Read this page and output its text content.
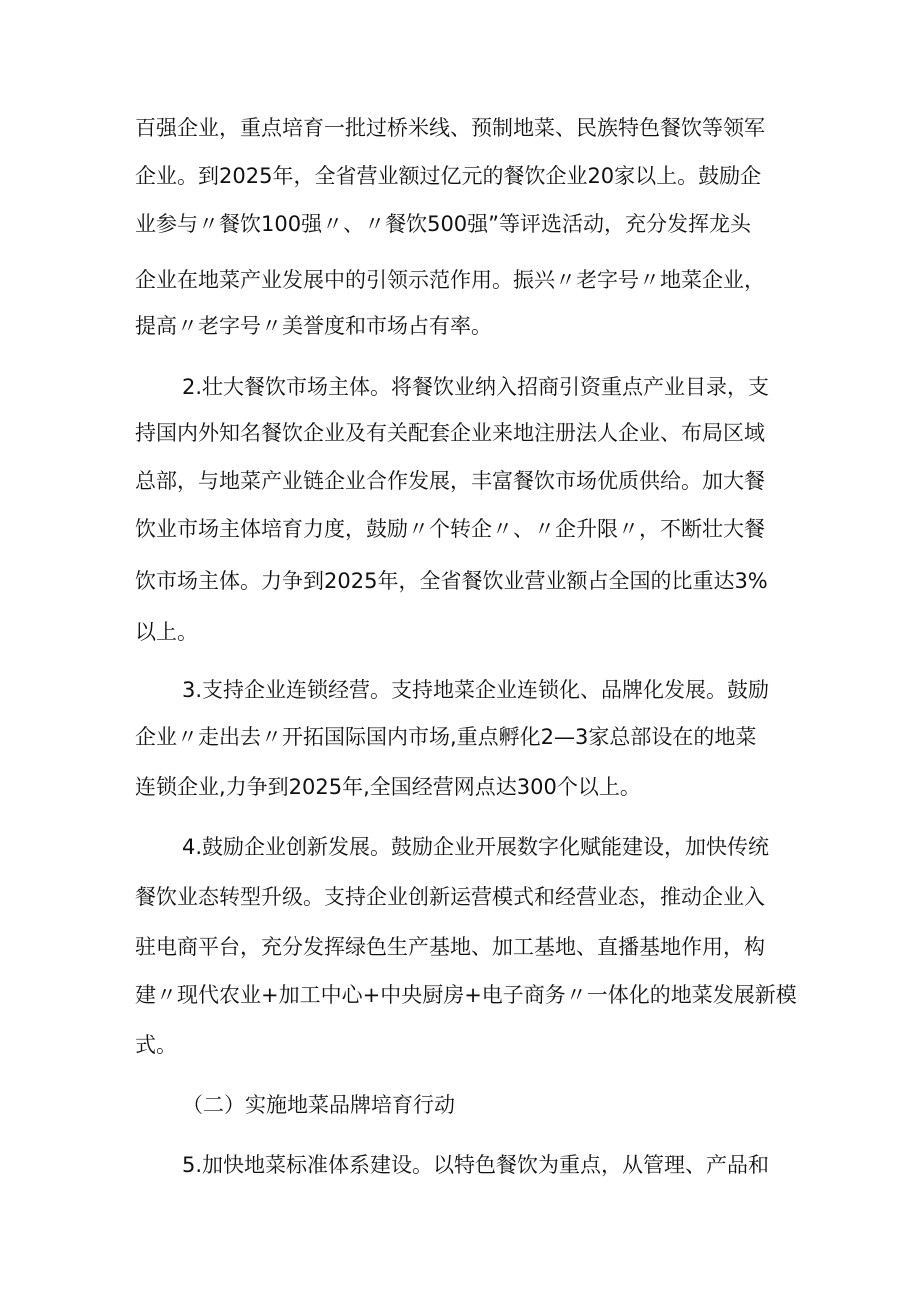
百强企业，重点培育一批过桥米线、预制地菜、民族特色餐饮等领军
企业。到2025年，全省营业额过亿元的餐饮企业20家以上。鼓励企
业参与〃餐饮100强〃、〃餐饮500强”等评选活动，充分发挥龙头
企业在地菜产业发展中的引领示范作用。振兴〃老字号〃地菜企业，
提高〃老字号〃美誉度和市场占有率。
2.壮大餐饮市场主体。将餐饮业纳入招商引资重点产业目录，支
持国内外知名餐饮企业及有关配套企业来地注册法人企业、布局区域
总部，与地菜产业链企业合作发展，丰富餐饮市场优质供给。加大餐
饮业市场主体培育力度，鼓励〃个转企〃、〃企升限〃，不断壮大餐
饮市场主体。力争到2025年，全省餐饮业营业额占全国的比重达3%
以上。
3.支持企业连锁经营。支持地菜企业连锁化、品牌化发展。鼓励
企业〃走出去〃开拓国际国内市场,重点孵化2—3家总部设在的地菜
连锁企业,力争到2025年,全国经营网点达300个以上。
4.鼓励企业创新发展。鼓励企业开展数字化赋能建设，加快传统
餐饮业态转型升级。支持企业创新运营模式和经营业态，推动企业入
驻电商平台，充分发挥绿色生产基地、加工基地、直播基地作用，构
建〃现代农业+加工中心+中央厨房+电子商务〃一体化的地菜发展新模
式。
（二）实施地菜品牌培育行动
5.加快地菜标准体系建设。以特色餐饮为重点，从管理、产品和
